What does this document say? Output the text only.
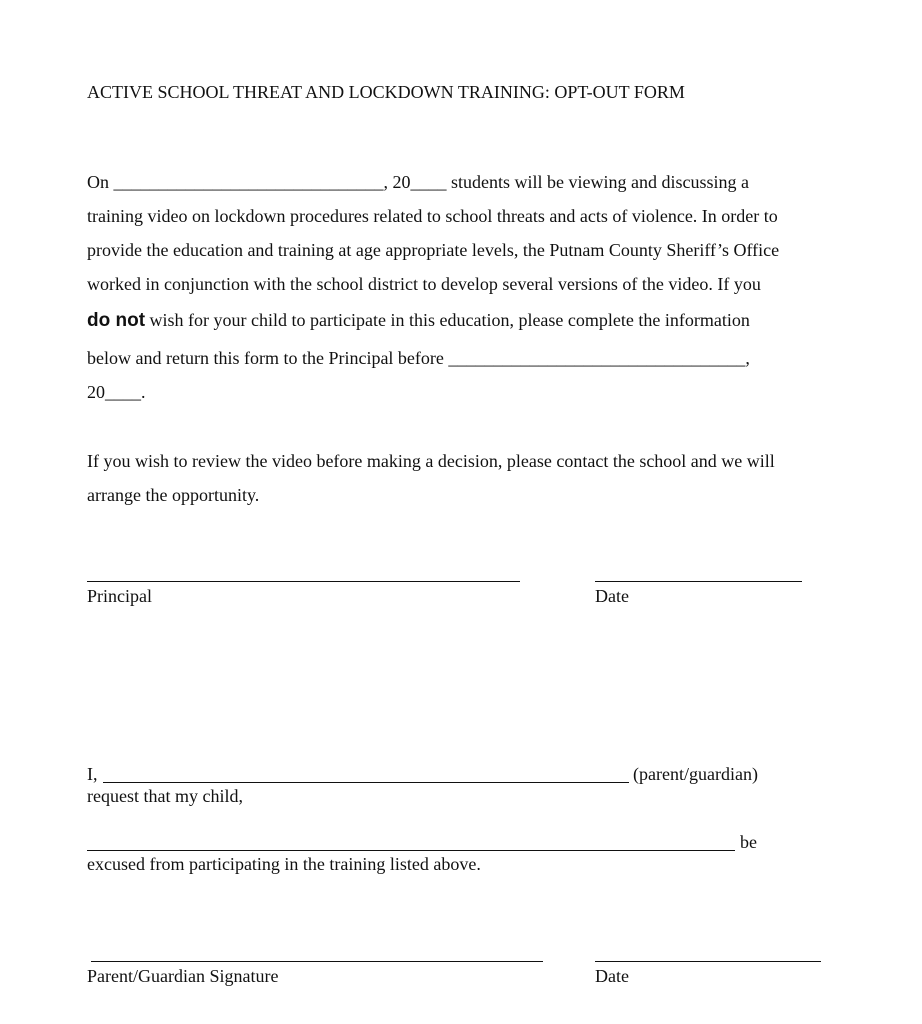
ACTIVE SCHOOL THREAT AND LOCKDOWN TRAINING: OPT-OUT FORM
On ______________________________, 20____ students will be viewing and discussing a
training video on lockdown procedures related to school threats and acts of violence. In order to
provide the education and training at age appropriate levels, the Putnam County Sheriff’s Office
worked in conjunction with the school district to develop several versions of the video. If you
do not wish for your child to participate in this education, please complete the information
below and return this form to the Principal before _________________________________,
20____.
If you wish to review the video before making a decision, please contact the school and we will
arrange the opportunity.
Principal	Date
I,	(parent/guardian)
request that my child,
be
excused from participating in the training listed above.
Parent/Guardian Signature	Date
